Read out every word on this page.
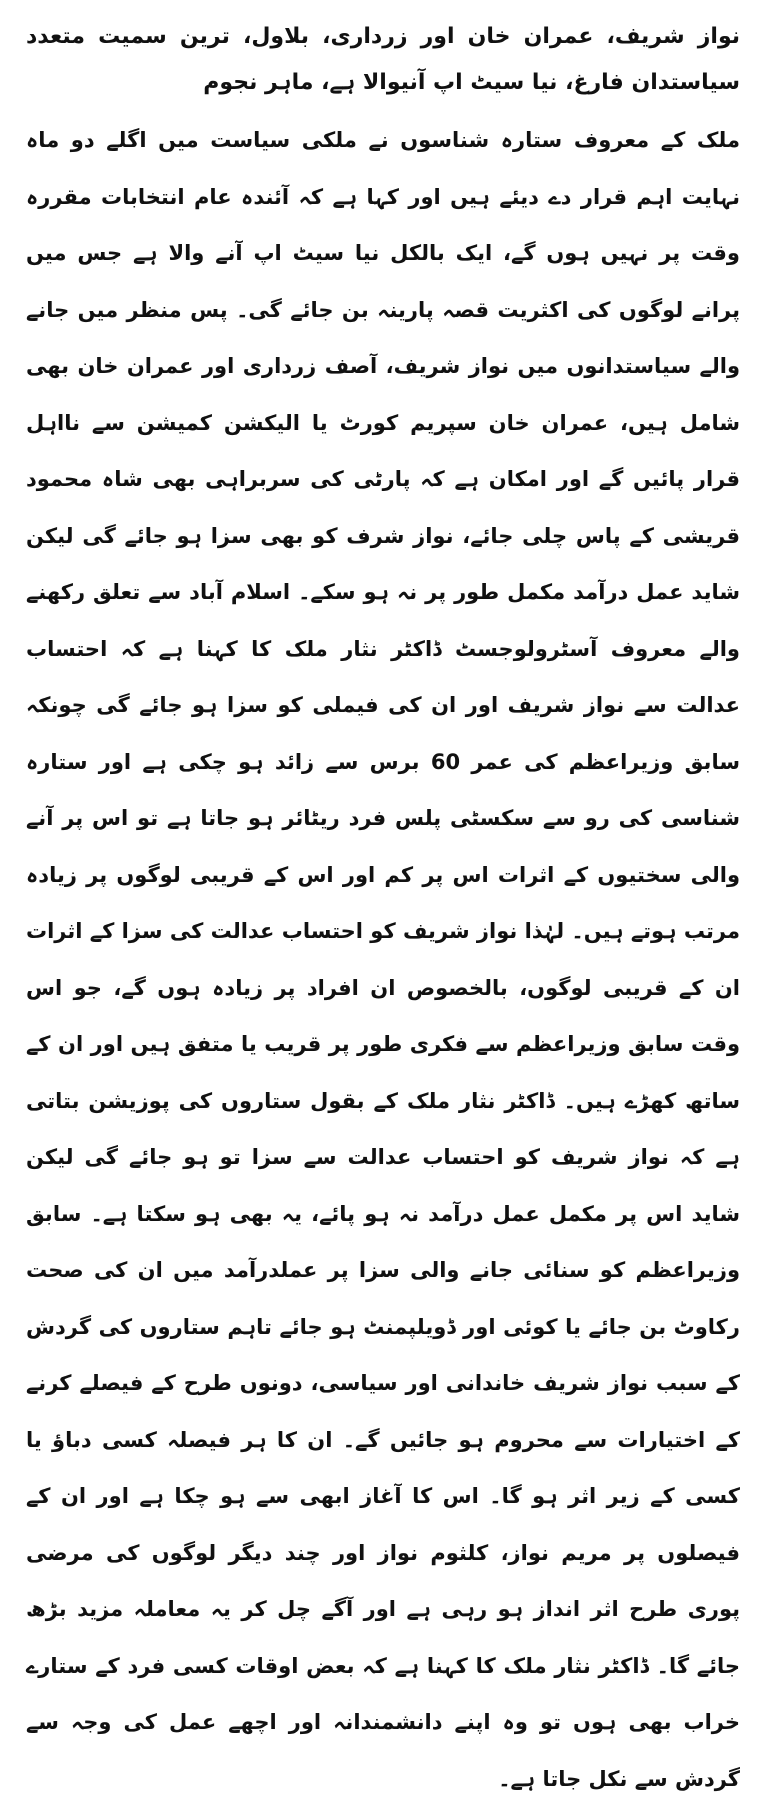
نواز شریف، عمران خان اور زرداری، بلاول، ترین سمیت متعدد سیاستدان فارغ، نیا سیٹ اپ آنیوالا ہے، ماہر نجوم

ملک کے معروف ستارہ شناسوں نے ملکی سیاست میں اگلے دو ماہ نہایت اہم قرار دے دیئے ہیں اور کہا ہے کہ آئندہ عام انتخابات مقررہ وقت پر نہیں ہوں گے، ایک بالکل نیا سیٹ اپ آنے والا ہے جس میں پرانے لوگوں کی اکثریت قصہ پارینہ بن جائے گی۔ پس منظر میں جانے والے سیاستدانوں میں نواز شریف، آصف زرداری اور عمران خان بھی شامل ہیں، عمران خان سپریم کورٹ یا الیکشن کمیشن سے نااہل قرار پائیں گے اور امکان ہے کہ پارٹی کی سربراہی بھی شاہ محمود قریشی کے پاس چلی جائے، نواز شرف کو بھی سزا ہو جائے گی لیکن شاید عمل درآمد مکمل طور پر نہ ہو سکے۔ اسلام آباد سے تعلق رکھنے والے معروف آسٹرولوجسٹ ڈاکٹر نثار ملک کا کہنا ہے کہ احتساب عدالت سے نواز شریف اور ان کی فیملی کو سزا ہو جائے گی چونکہ سابق وزیراعظم کی عمر 60 برس سے زائد ہو چکی ہے اور ستارہ شناسی کی رو سے سکسٹی پلس فرد ریٹائر ہو جاتا ہے تو اس پر آنے والی سختیوں کے اثرات اس پر کم اور اس کے قریبی لوگوں پر زیادہ مرتب ہوتے ہیں۔ لہٰذا نواز شریف کو احتساب عدالت کی سزا کے اثرات ان کے قریبی لوگوں، بالخصوص ان افراد پر زیادہ ہوں گے، جو اس وقت سابق وزیراعظم سے فکری طور پر قریب یا متفق ہیں اور ان کے ساتھ کھڑے ہیں۔ ڈاکٹر نثار ملک کے بقول ستاروں کی پوزیشن بتاتی ہے کہ نواز شریف کو احتساب عدالت سے سزا تو ہو جائے گی لیکن شاید اس پر مکمل عمل درآمد نہ ہو پائے، یہ بھی ہو سکتا ہے۔ سابق وزیراعظم کو سنائی جانے والی سزا پر عملدرآمد میں ان کی صحت رکاوٹ بن جائے یا کوئی اور ڈویلپمنٹ ہو جائے تاہم ستاروں کی گردش کے سبب نواز شریف خاندانی اور سیاسی، دونوں طرح کے فیصلے کرنے کے اختیارات سے محروم ہو جائیں گے۔ ان کا ہر فیصلہ کسی دباؤ یا کسی کے زیر اثر ہو گا۔ اس کا آغاز ابھی سے ہو چکا ہے اور ان کے فیصلوں پر مریم نواز، کلثوم نواز اور چند دیگر لوگوں کی مرضی پوری طرح اثر انداز ہو رہی ہے اور آگے چل کر یہ معاملہ مزید بڑھ جائے گا۔ ڈاکٹر نثار ملک کا کہنا ہے کہ بعض اوقات کسی فرد کے ستارے خراب بھی ہوں تو وہ اپنے دانشمندانہ اور اچھے عمل کی وجہ سے گردش سے نکل جاتا ہے۔
